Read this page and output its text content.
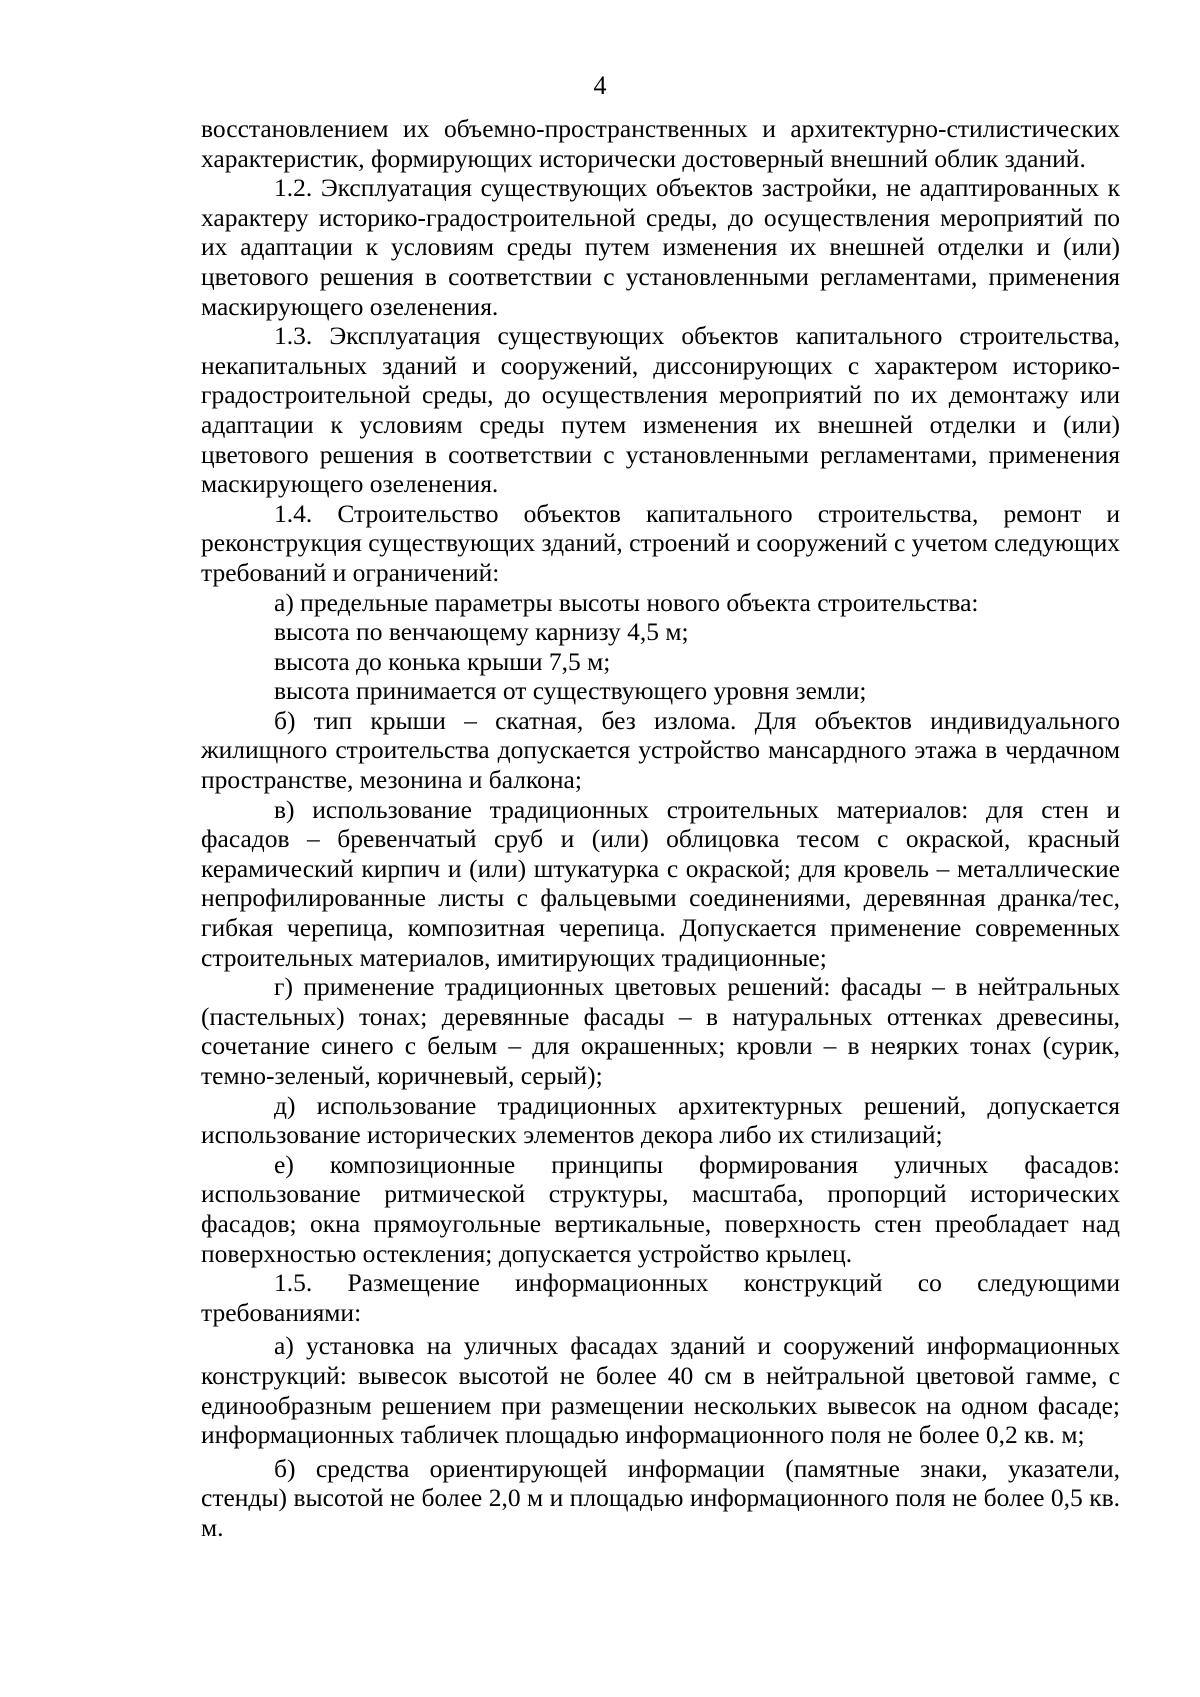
4

восстановлением их объемно-пространственных и архитектурно-стилистических характеристик, формирующих исторически достоверный внешний облик зданий.

1.2. Эксплуатация существующих объектов застройки, не адаптированных к характеру историко-градостроительной среды, до осуществления мероприятий по их адаптации к условиям среды путем изменения их внешней отделки и (или) цветового решения в соответствии с установленными регламентами, применения маскирующего озеленения.

1.3. Эксплуатация существующих объектов капитального строительства, некапитальных зданий и сооружений, диссонирующих с характером историко-градостроительной среды, до осуществления мероприятий по их демонтажу или адаптации к условиям среды путем изменения их внешней отделки и (или) цветового решения в соответствии с установленными регламентами, применения маскирующего озеленения.

1.4. Строительство объектов капитального строительства, ремонт и реконструкция существующих зданий, строений и сооружений с учетом следующих требований и ограничений:

а) предельные параметры высоты нового объекта строительства:

высота по венчающему карнизу 4,5 м;

высота до конька крыши 7,5 м;

высота принимается от существующего уровня земли;

б) тип крыши – скатная, без излома. Для объектов индивидуального жилищного строительства допускается устройство мансардного этажа в чердачном пространстве, мезонина и балкона;

в) использование традиционных строительных материалов: для стен и фасадов – бревенчатый сруб и (или) облицовка тесом с окраской, красный керамический кирпич и (или) штукатурка с окраской; для кровель – металлические непрофилированные листы с фальцевыми соединениями, деревянная дранка/тес, гибкая черепица, композитная черепица. Допускается применение современных строительных материалов, имитирующих традиционные;

г) применение традиционных цветовых решений: фасады – в нейтральных (пастельных) тонах; деревянные фасады – в натуральных оттенках древесины, сочетание синего с белым – для окрашенных; кровли – в неярких тонах (сурик, темно-зеленый, коричневый, серый);

д) использование традиционных архитектурных решений, допускается использование исторических элементов декора либо их стилизаций;

е) композиционные принципы формирования уличных фасадов: использование ритмической структуры, масштаба, пропорций исторических фасадов; окна прямоугольные вертикальные, поверхность стен преобладает над поверхностью остекления; допускается устройство крылец.

1.5. Размещение информационных конструкций со следующими требованиями:

а) установка на уличных фасадах зданий и сооружений информационных конструкций: вывесок высотой не более 40 см в нейтральной цветовой гамме, с единообразным решением при размещении нескольких вывесок на одном фасаде; информационных табличек площадью информационного поля не более 0,2 кв. м;

б) средства ориентирующей информации (памятные знаки, указатели, стенды) высотой не более 2,0 м и площадью информационного поля не более 0,5 кв. м.
